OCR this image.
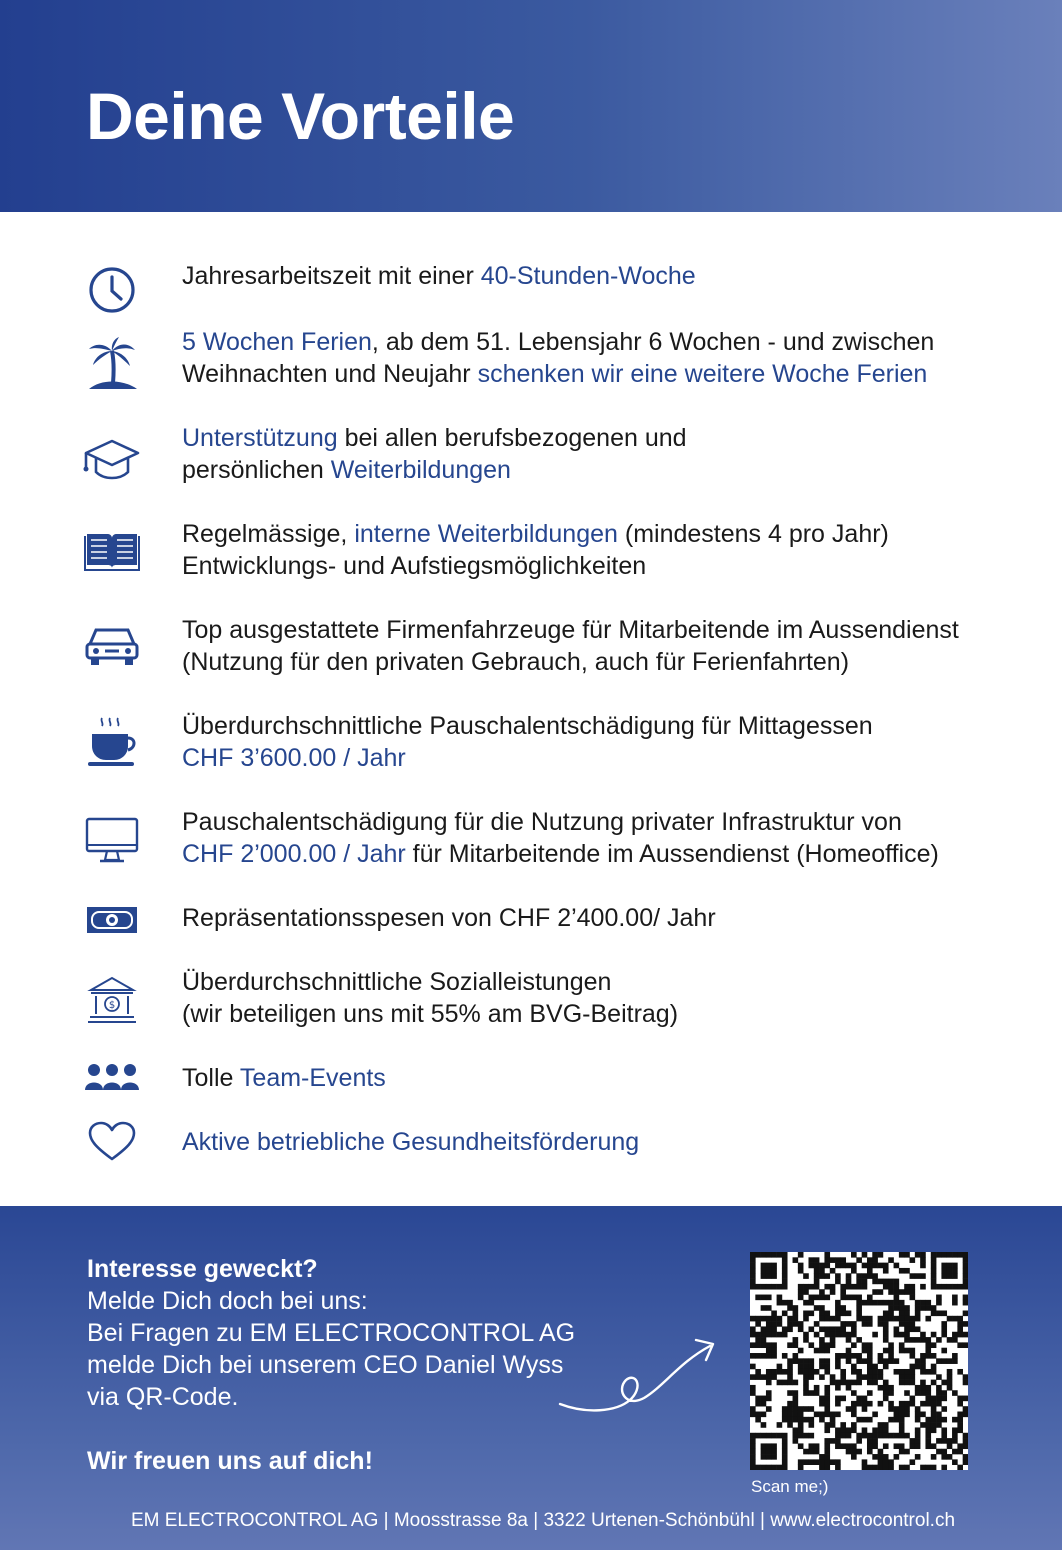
Deine Vorteile
Jahresarbeitszeit mit einer 40-Stunden-Woche
5 Wochen Ferien, ab dem 51. Lebensjahr 6 Wochen - und zwischen
Weihnachten und Neujahr schenken wir eine weitere Woche Ferien
Unterstützung bei allen berufsbezogenen und
persönlichen Weiterbildungen
Regelmässige, interne Weiterbildungen (mindestens 4 pro Jahr)
Entwicklungs- und Aufstiegsmöglichkeiten
Top ausgestattete Firmenfahrzeuge für Mitarbeitende im Aussendienst
(Nutzung für den privaten Gebrauch, auch für Ferienfahrten)
Überdurchschnittliche Pauschalentschädigung für Mittagessen
CHF 3’600.00 / Jahr
Pauschalentschädigung für die Nutzung privater Infrastruktur von
CHF 2’000.00 / Jahr für Mitarbeitende im Aussendienst (Homeoffice)
Repräsentationsspesen von CHF 2’400.00/ Jahr
$
Überdurchschnittliche Sozialleistungen
(wir beteiligen uns mit 55% am BVG-Beitrag)
Tolle Team-Events
Aktive betriebliche Gesundheitsförderung
Interesse geweckt?
Melde Dich doch bei uns:
Bei Fragen zu EM ELECTROCONTROL AG
melde Dich bei unserem CEO Daniel Wyss
via QR-Code.
Wir freuen uns auf dich!
Scan me;)
EM ELECTROCONTROL AG | Moosstrasse 8a | 3322 Urtenen-Schönbühl | www.electrocontrol.ch
